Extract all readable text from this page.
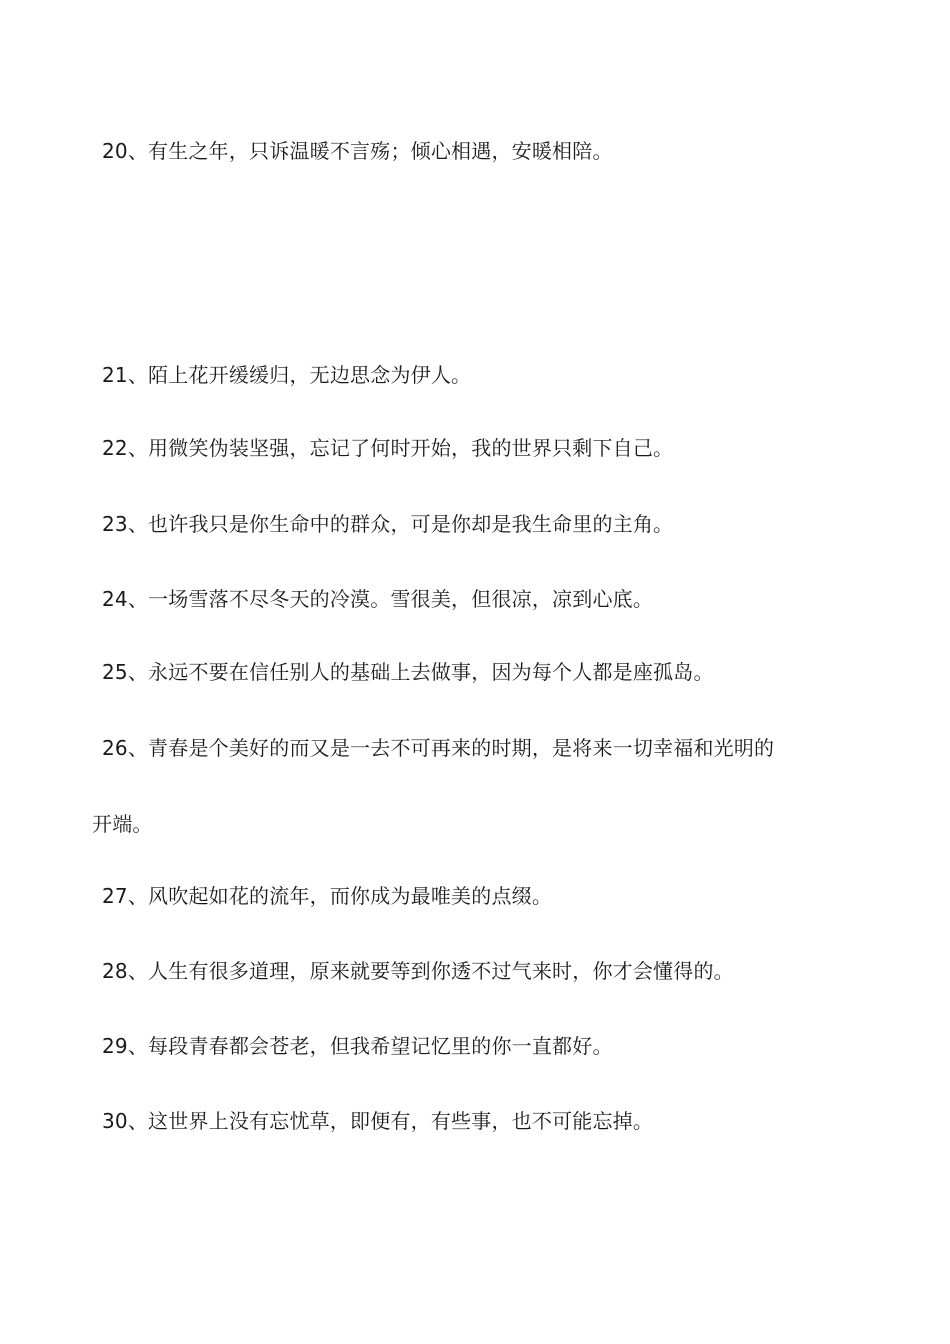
20、有生之年，只诉温暖不言殇；倾心相遇，安暖相陪。
21、陌上花开缓缓归，无边思念为伊人。
22、用微笑伪装坚强，忘记了何时开始，我的世界只剩下自己。
23、也许我只是你生命中的群众，可是你却是我生命里的主角。
24、一场雪落不尽冬天的冷漠。雪很美，但很凉，凉到心底。
25、永远不要在信任别人的基础上去做事，因为每个人都是座孤岛。
26、青春是个美好的而又是一去不可再来的时期，是将来一切幸福和光明的
开端。
27、风吹起如花的流年，而你成为最唯美的点缀。
28、人生有很多道理，原来就要等到你透不过气来时，你才会懂得的。
29、每段青春都会苍老，但我希望记忆里的你一直都好。
30、这世界上没有忘忧草，即便有，有些事，也不可能忘掉。
